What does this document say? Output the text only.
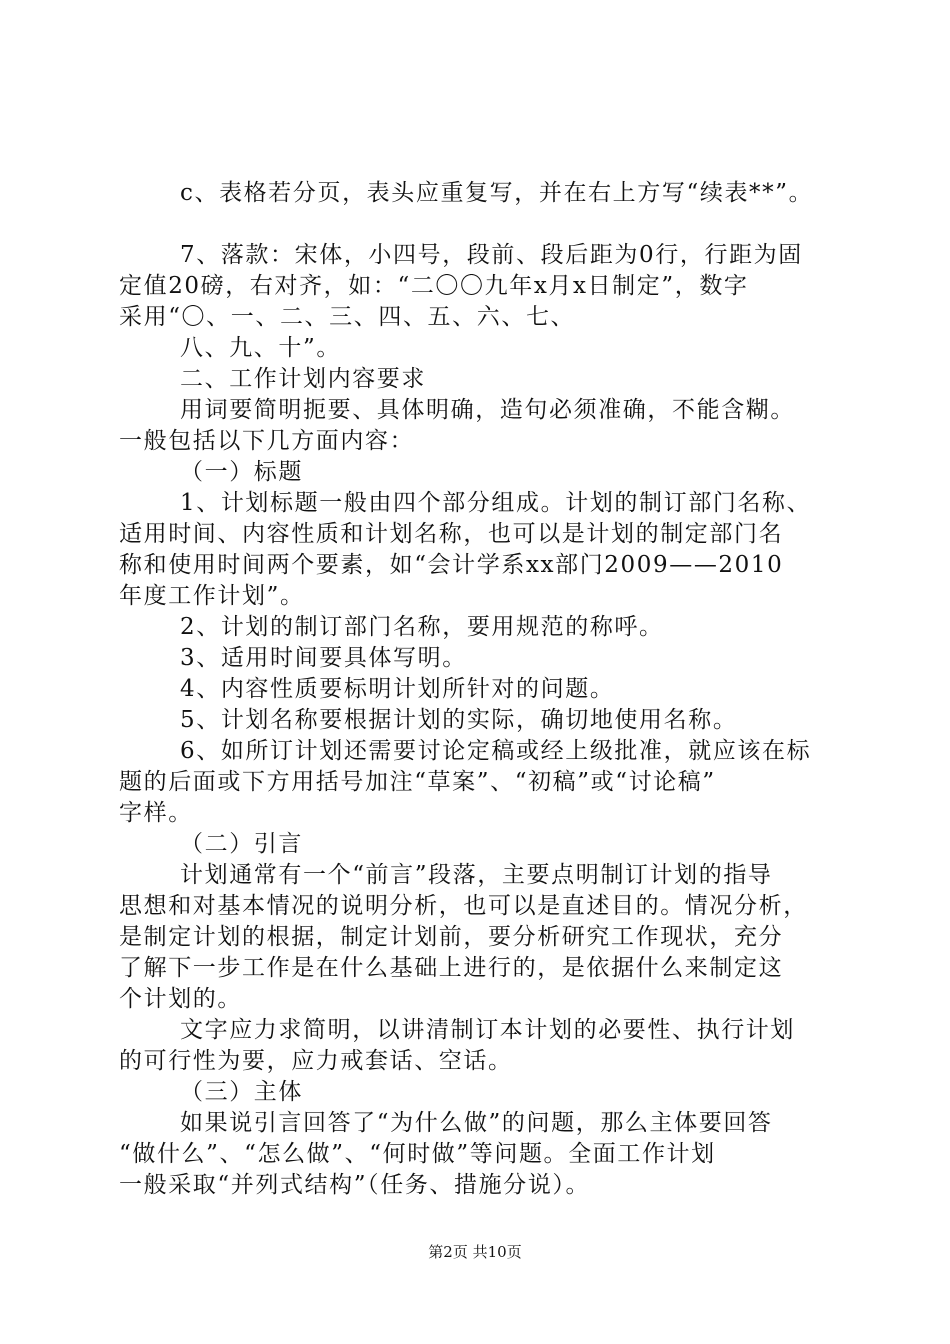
c、表格若分页，表头应重复写，并在右上方写“续表**”。
7、落款：宋体，小四号，段前、段后距为0行，行距为固
定值20磅，右对齐，如：“二〇〇九年x月x日制定”，数字
采用“〇、一、二、三、四、五、六、七、
八、九、十”。
二、工作计划内容要求
用词要简明扼要、具体明确，造句必须准确，不能含糊。
一般包括以下几方面内容：
（一）标题
1、计划标题一般由四个部分组成。计划的制订部门名称、
适用时间、内容性质和计划名称，也可以是计划的制定部门名
称和使用时间两个要素，如“会计学系xx部门2009——2010
年度工作计划”。
2、计划的制订部门名称，要用规范的称呼。
3、适用时间要具体写明。
4、内容性质要标明计划所针对的问题。
5、计划名称要根据计划的实际，确切地使用名称。
6、如所订计划还需要讨论定稿或经上级批准，就应该在标
题的后面或下方用括号加注“草案”、“初稿”或“讨论稿”
字样。
（二）引言
计划通常有一个“前言”段落，主要点明制订计划的指导
思想和对基本情况的说明分析，也可以是直述目的。情况分析，
是制定计划的根据，制定计划前，要分析研究工作现状，充分
了解下一步工作是在什么基础上进行的，是依据什么来制定这
个计划的。
文字应力求简明，以讲清制订本计划的必要性、执行计划
的可行性为要，应力戒套话、空话。
（三）主体
如果说引言回答了“为什么做”的问题，那么主体要回答
“做什么”、“怎么做”、“何时做”等问题。全面工作计划
一般采取“并列式结构”（任务、措施分说）。
第2页 共10页
